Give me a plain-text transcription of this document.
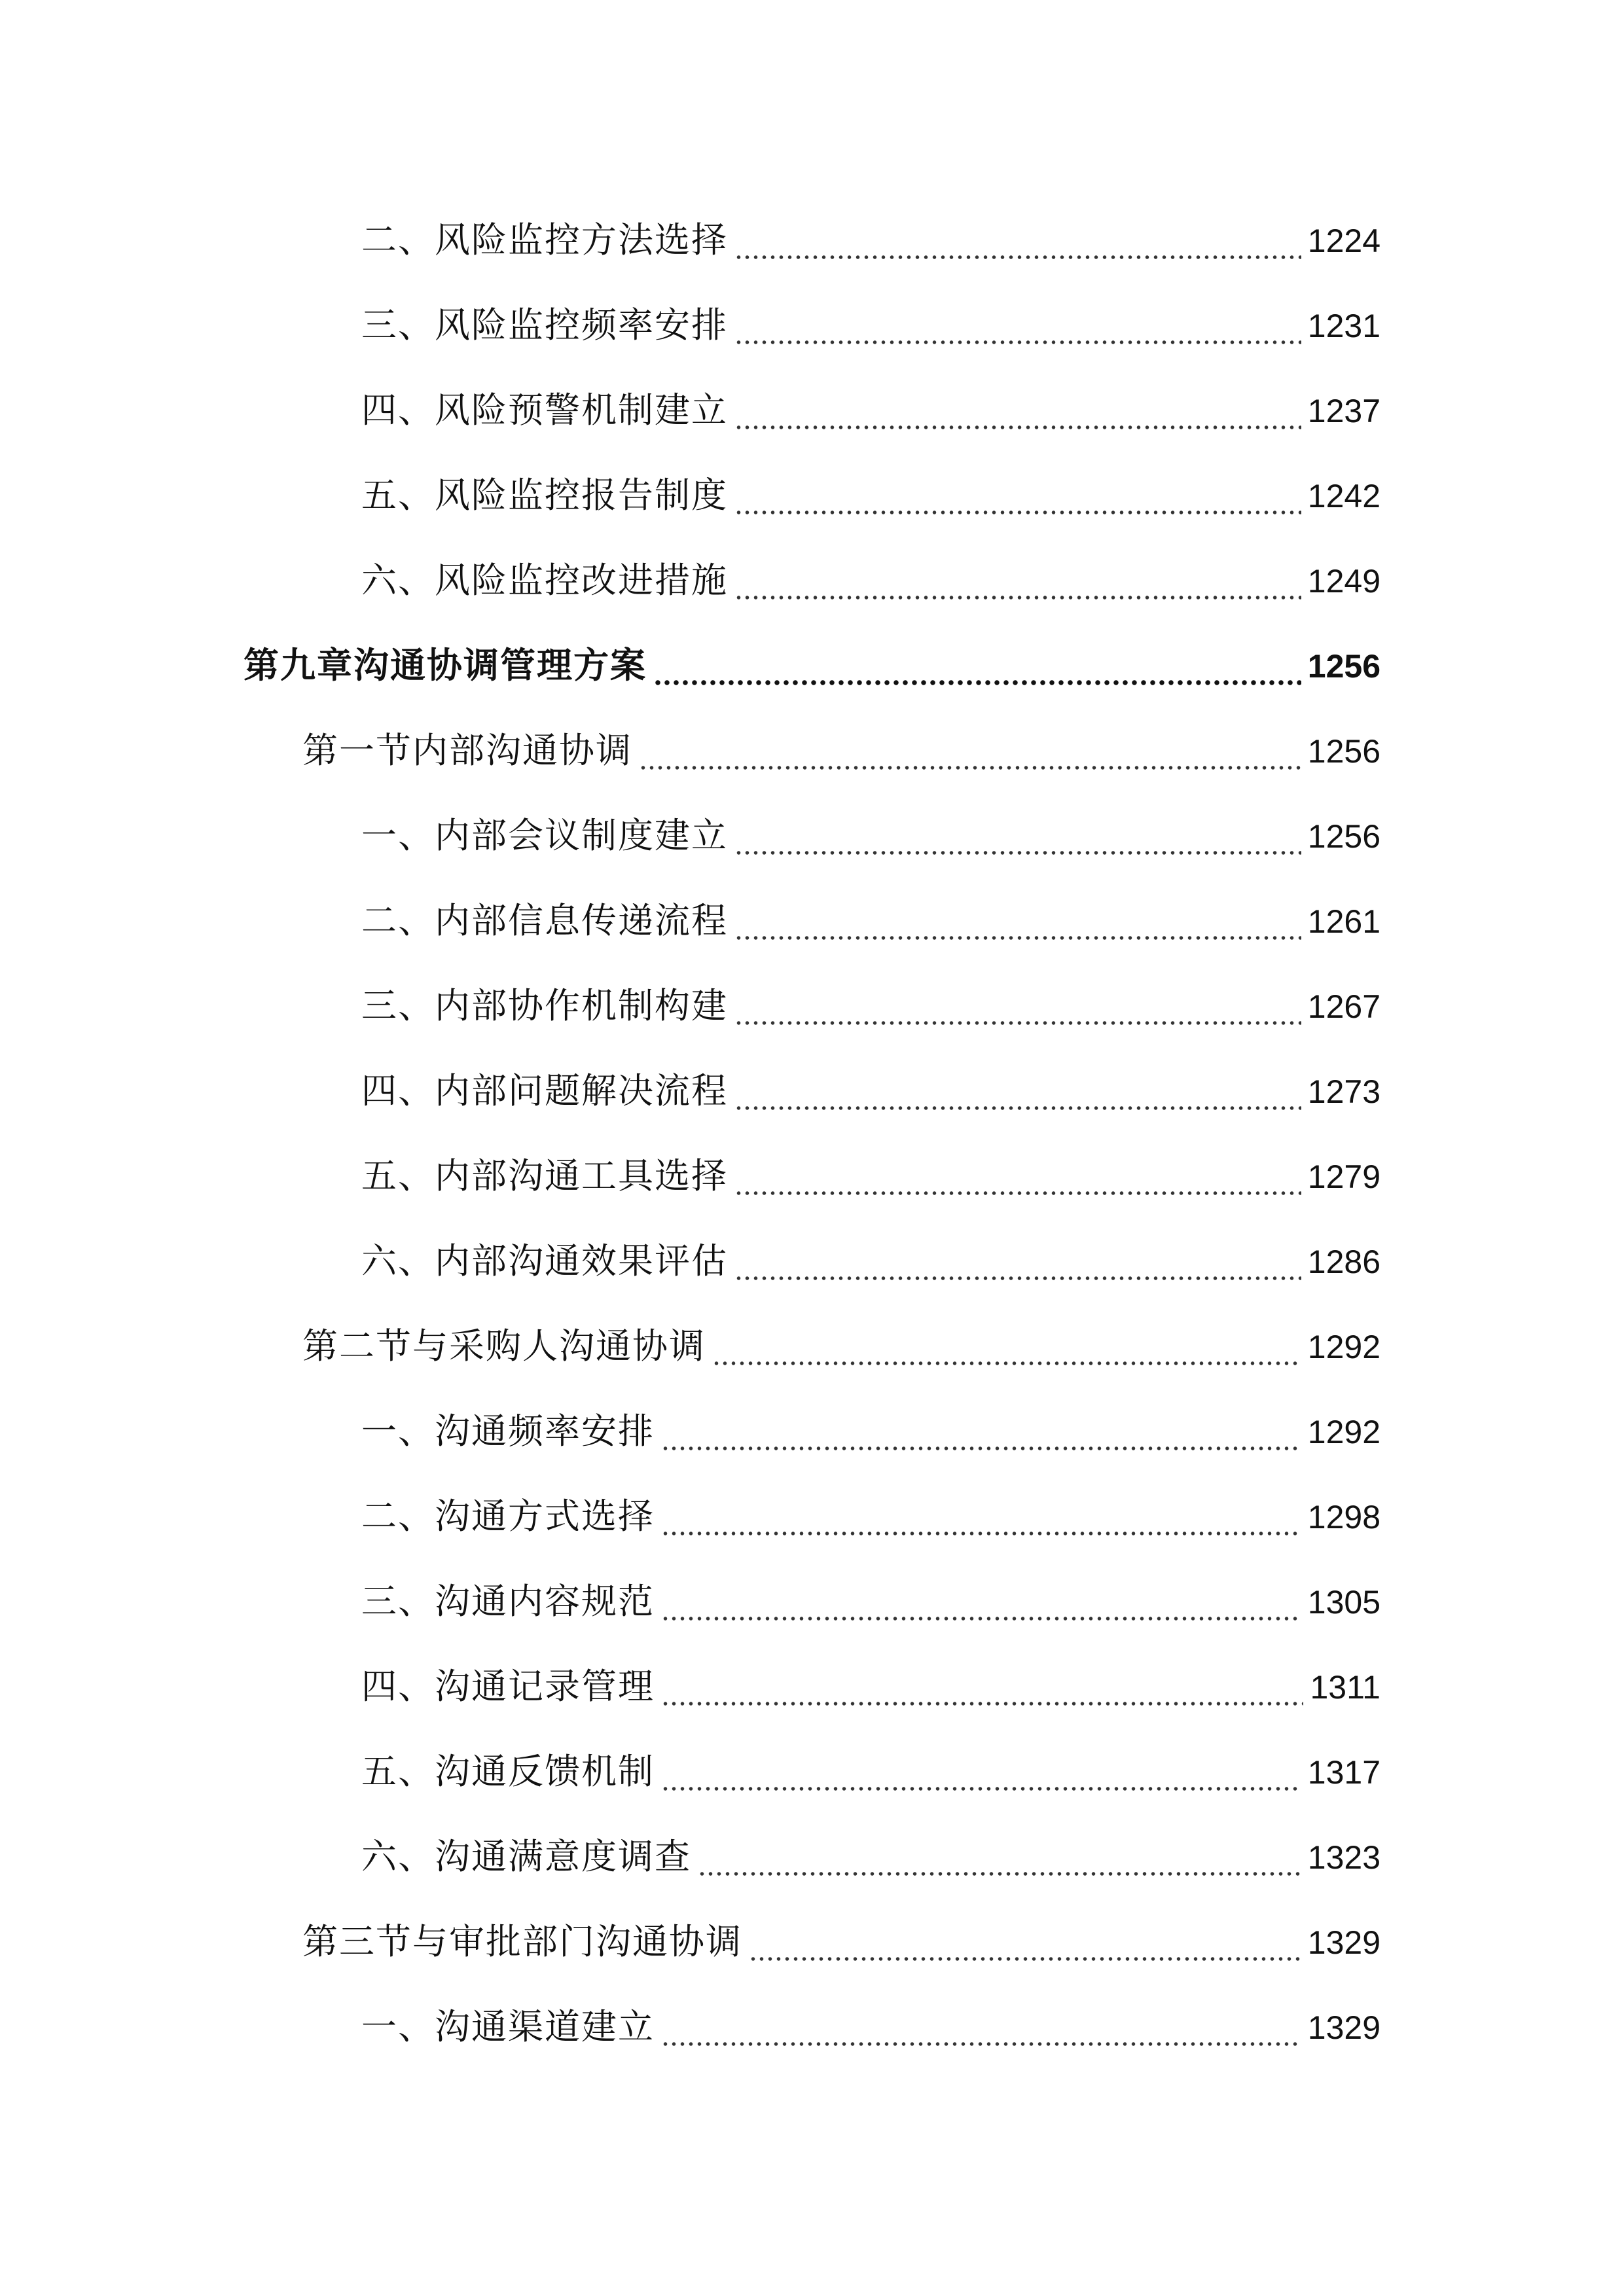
二、风险监控方法选择	1224
三、风险监控频率安排	1231
四、风险预警机制建立	1237
五、风险监控报告制度	1242
六、风险监控改进措施	1249
第九章沟通协调管理方案	1256
第一节内部沟通协调	1256
一、内部会议制度建立	1256
二、内部信息传递流程	1261
三、内部协作机制构建	1267
四、内部问题解决流程	1273
五、内部沟通工具选择	1279
六、内部沟通效果评估	1286
第二节与采购人沟通协调	1292
一、沟通频率安排	1292
二、沟通方式选择	1298
三、沟通内容规范	1305
四、沟通记录管理	1311
五、沟通反馈机制	1317
六、沟通满意度调查	1323
第三节与审批部门沟通协调	1329
一、沟通渠道建立	1329
